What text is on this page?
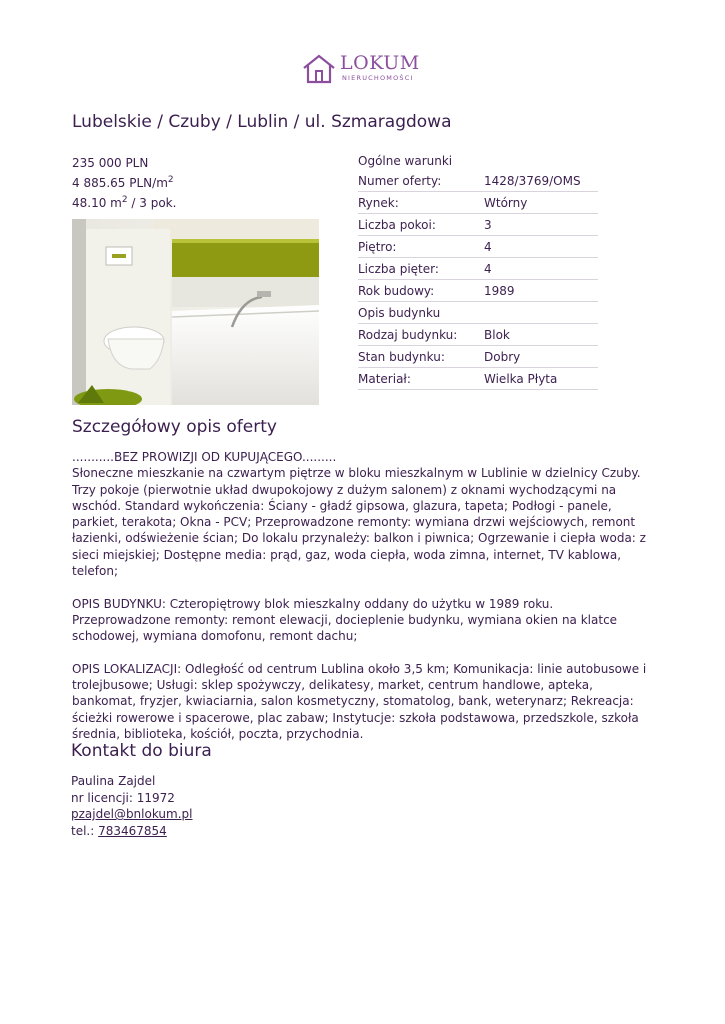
LOKUM
NIERUCHOMOŚCI
Lubelskie / Czuby / Lublin / ul. Szmaragdowa
235 000 PLN
4 885.65 PLN/$m^2$
48.10 $m^2 / 3$ pok.
Ogólne warunki
Numer oferty:	1428/3769/OMS
Rynek:	Wtórny
Liczba pokoi:	3
Piętro:	4
Liczba pięter:	4
Rok budowy:	1989
Opis budynku
Rodzaj budynku: Blok
Stan budynku:	Dobry
Materiał:	Wielka Płyta
Szczegółowy opis oferty

...........BEZ PROWIZJI OD KUPUJĄCEGO.........
Słoneczne mieszkanie na czwartym piętrze w bloku mieszkalnym w Lublinie w dzielnicy Czuby. Trzy pokoje (pierwotnie układ dwupokojowy z dużym salonem) z oknami wychodzącymi na wschód. Standard wykończenia: Ściany - gładź gipsowa, glazura, tapeta; Podłogi - panele, parkiet, terakota; Okna - PCV; Przeprowadzone remonty: wymiana drzwi wejściowych, remont łazienki, odświeżenie ścian; Do lokalu przynależy: balkon i piwnica; Ogrzewanie i ciepła woda: z sieci miejskiej; Dostępne media: prąd, gaz, woda ciepła, woda zimna, internet, TV kablowa, telefon;

OPIS BUDYNKU: Czteropiętrowy blok mieszkalny oddany do użytku w 1989 roku. Przeprowadzone remonty: remont elewacji, docieplenie budynku, wymiana okien na klatce schodowej, wymiana domofonu, remont dachu;

OPIS LOKALIZACJI: Odległość od centrum Lublina około 3,5 km; Komunikacja: linie autobusowe i trolejbusowe; Usługi: sklep spożywczy, delikatesy, market, centrum handlowe, apteka, bankomat, fryzjer, kwiaciarnia, salon kosmetyczny, stomatolog, bank, weterynarz; Rekreacja: ścieżki rowerowe i spacerowe, plac zabaw; Instytucje: szkoła podstawowa, przedszkole, szkoła średnia, biblioteka, kościół, poczta, przychodnia.

Kontakt do biura
Paulina Zajdel
nr licencji: 11972
pzajdel@bnlokum.pl
tel.: 783467854
